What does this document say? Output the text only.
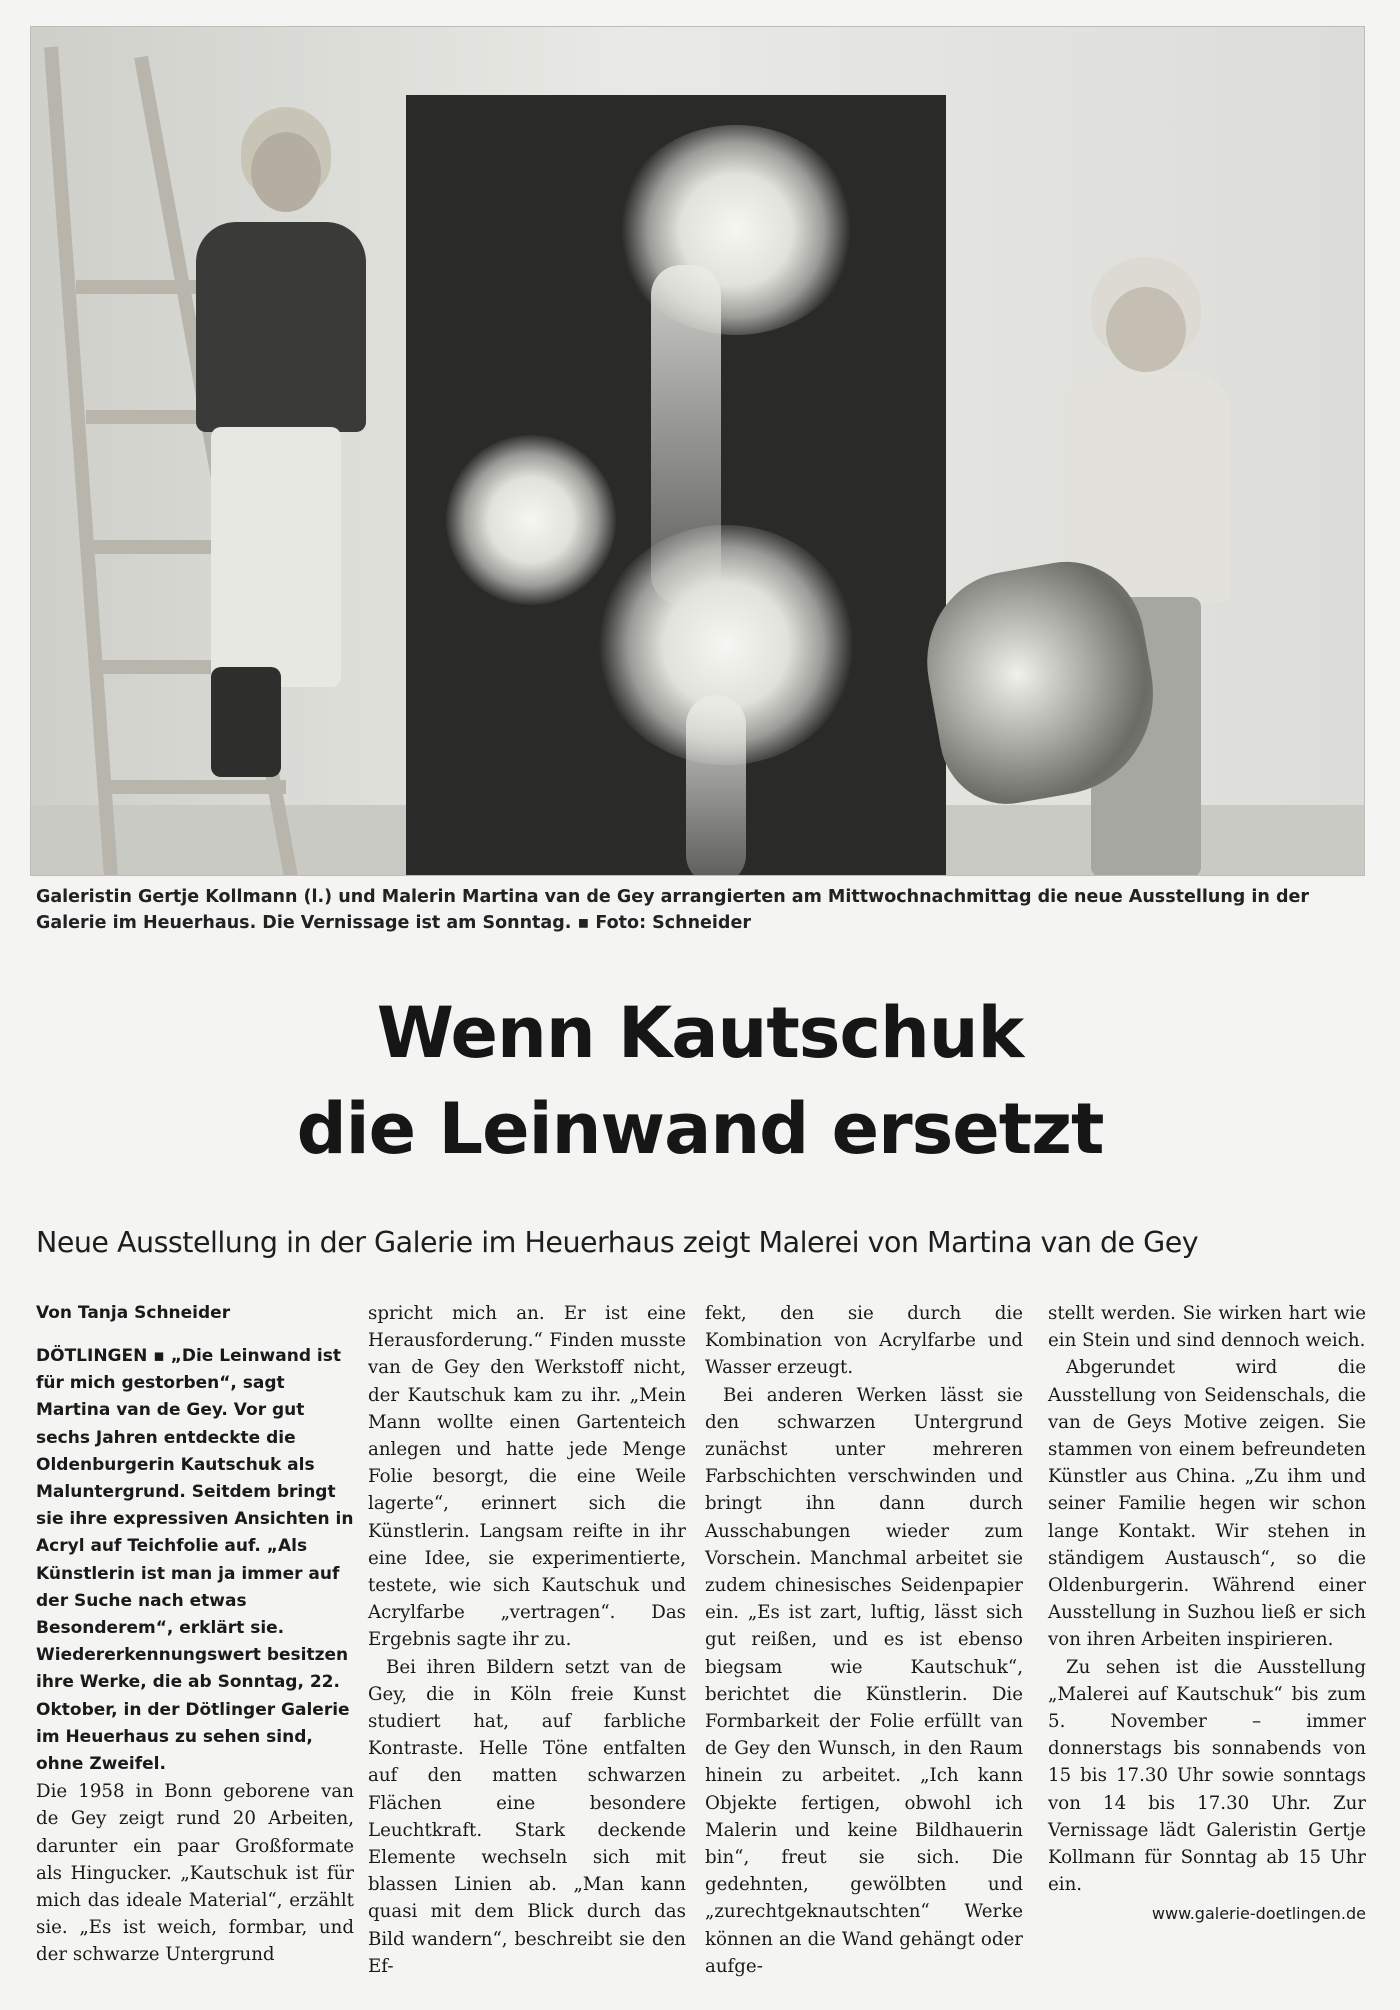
Galeristin Gertje Kollmann (l.) und Malerin Martina van de Gey arrangierten am Mittwochnachmittag die neue Ausstellung in der Galerie im Heuerhaus. Die Vernissage ist am Sonntag. ▪ Foto: Schneider
Wenn Kautschuk
die Leinwand ersetzt
Neue Ausstellung in der Galerie im Heuerhaus zeigt Malerei von Martina van de Gey
Von Tanja Schneider

DÖTLINGEN ▪ „Die Leinwand ist für mich gestorben“, sagt Martina van de Gey. Vor gut sechs Jahren entdeckte die Oldenburgerin Kautschuk als Maluntergrund. Seitdem bringt sie ihre expressiven Ansichten in Acryl auf Teichfolie auf. „Als Künstlerin ist man ja immer auf der Suche nach etwas Besonderem“, erklärt sie. Wiedererkennungswert besitzen ihre Werke, die ab Sonntag, 22. Oktober, in der Dötlinger Galerie im Heuerhaus zu sehen sind, ohne Zweifel.

Die 1958 in Bonn geborene van de Gey zeigt rund 20 Arbeiten, darunter ein paar Großformate als Hingucker. „Kautschuk ist für mich das ideale Material“, erzählt sie. „Es ist weich, formbar, und der schwarze Untergrund

spricht mich an. Er ist eine Herausforderung.“ Finden musste van de Gey den Werkstoff nicht, der Kautschuk kam zu ihr. „Mein Mann wollte einen Gartenteich anlegen und hatte jede Menge Folie besorgt, die eine Weile lagerte“, erinnert sich die Künstlerin. Langsam reifte in ihr eine Idee, sie experimentierte, testete, wie sich Kautschuk und Acrylfarbe „vertragen“. Das Ergebnis sagte ihr zu.

Bei ihren Bildern setzt van de Gey, die in Köln freie Kunst studiert hat, auf farbliche Kontraste. Helle Töne entfalten auf den matten schwarzen Flächen eine besondere Leuchtkraft. Stark deckende Elemente wechseln sich mit blassen Linien ab. „Man kann quasi mit dem Blick durch das Bild wandern“, beschreibt sie den Ef-

fekt, den sie durch die Kombination von Acrylfarbe und Wasser erzeugt.

Bei anderen Werken lässt sie den schwarzen Untergrund zunächst unter mehreren Farbschichten verschwinden und bringt ihn dann durch Ausschabungen wieder zum Vorschein. Manchmal arbeitet sie zudem chinesisches Seidenpapier ein. „Es ist zart, luftig, lässt sich gut reißen, und es ist ebenso biegsam wie Kautschuk“, berichtet die Künstlerin. Die Formbarkeit der Folie erfüllt van de Gey den Wunsch, in den Raum hinein zu arbeitet. „Ich kann Objekte fertigen, obwohl ich Malerin und keine Bildhauerin bin“, freut sie sich. Die gedehnten, gewölbten und „zurechtgeknautschten“ Werke können an die Wand gehängt oder aufge-

stellt werden. Sie wirken hart wie ein Stein und sind dennoch weich.

Abgerundet wird die Ausstellung von Seidenschals, die van de Geys Motive zeigen. Sie stammen von einem befreundeten Künstler aus China. „Zu ihm und seiner Familie hegen wir schon lange Kontakt. Wir stehen in ständigem Austausch“, so die Oldenburgerin. Während einer Ausstellung in Suzhou ließ er sich von ihren Arbeiten inspirieren.

Zu sehen ist die Ausstellung „Malerei auf Kautschuk“ bis zum 5. November – immer donnerstags bis sonnabends von 15 bis 17.30 Uhr sowie sonntags von 14 bis 17.30 Uhr. Zur Vernissage lädt Galeristin Gertje Kollmann für Sonntag ab 15 Uhr ein.

www.galerie-doetlingen.de
